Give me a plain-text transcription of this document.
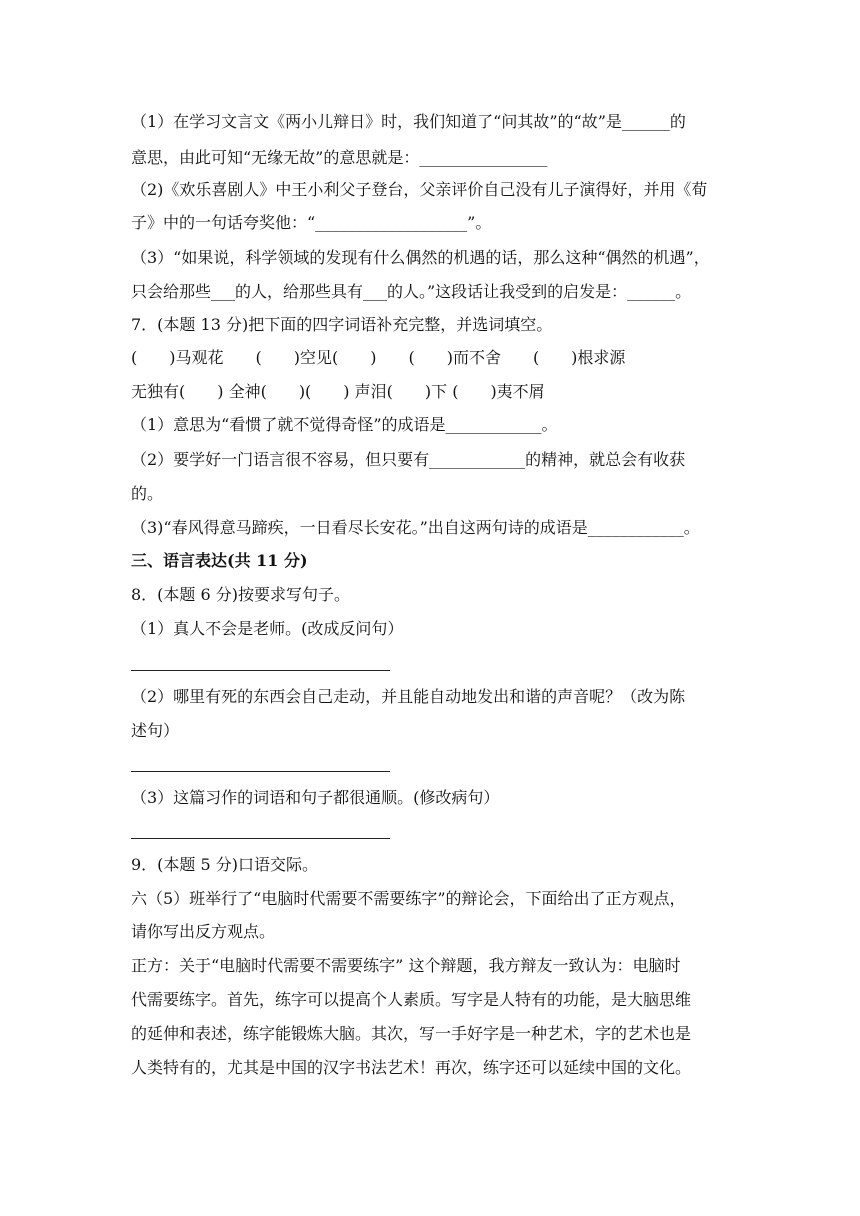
（1）在学习文言文《两小儿辩日》时，我们知道了“问其故”的“故”是______的
意思，由此可知“无缘无故”的意思就是：________________
（2)《欢乐喜剧人》中王小利父子登台，父亲评价自己没有儿子演得好，并用《荀
子》中的一句话夸奖他：“___________________”。
（3）“如果说，科学领域的发现有什么偶然的机遇的话，那么这种“偶然的机遇”，
只会给那些___的人，给那些具有___的人。”这段话让我受到的启发是：______。
7．(本题 13 分)把下面的四字词语补充完整，并选词填空。
(　　)马观花　　(　　)空见(　　)　　(　　)而不舍　　(　　)根求源
无独有(　　) 全神(　　)(　　) 声泪(　　)下 (　　)夷不屑
（1）意思为“看惯了就不觉得奇怪”的成语是____________。
（2）要学好一门语言很不容易，但只要有____________的精神，就总会有收获
的。
（3)“春风得意马蹄疾，一日看尽长安花。”出自这两句诗的成语是____________。
三、语言表达(共 11 分)
8．(本题 6 分)按要求写句子。
（1）真人不会是老师。(改成反问句）
（2）哪里有死的东西会自己走动，并且能自动地发出和谐的声音呢？（改为陈
述句）
（3）这篇习作的词语和句子都很通顺。(修改病句）
9．(本题 5 分)口语交际。
六（5）班举行了“电脑时代需要不需要练字”的辩论会，下面给出了正方观点，
请你写出反方观点。
正方：关于“电脑时代需要不需要练字” 这个辩题，我方辩友一致认为：电脑时
代需要练字。首先，练字可以提高个人素质。写字是人特有的功能，是大脑思维
的延伸和表述，练字能锻炼大脑。其次，写一手好字是一种艺术，字的艺术也是
人类特有的，尤其是中国的汉字书法艺术！再次，练字还可以延续中国的文化。
